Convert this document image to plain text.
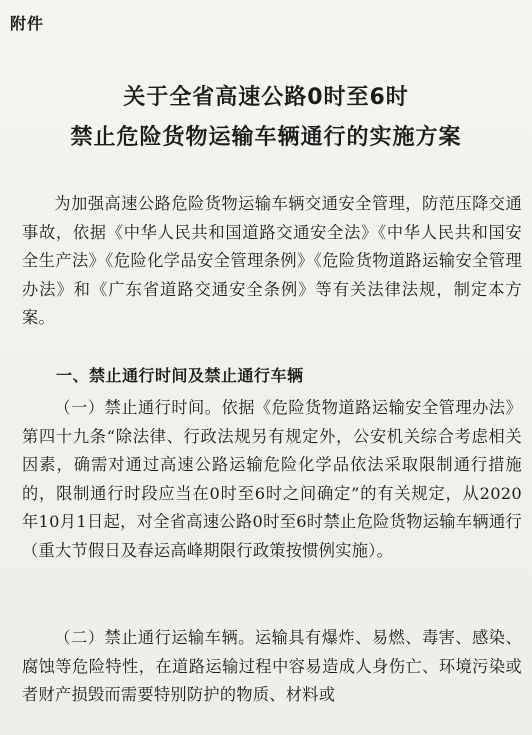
附件
关于全省高速公路0时至6时
禁止危险货物运输车辆通行的实施方案

为加强高速公路危险货物运输车辆交通安全管理，防范压降交通事故，依据《中华人民共和国道路交通安全法》《中华人民共和国安全生产法》《危险化学品安全管理条例》《危险货物道路运输安全管理办法》和《广东省道路交通安全条例》等有关法律法规，制定本方案。

一、禁止通行时间及禁止通行车辆

（一）禁止通行时间。依据《危险货物道路运输安全管理办法》第四十九条“除法律、行政法规另有规定外，公安机关综合考虑相关因素，确需对通过高速公路运输危险化学品依法采取限制通行措施的，限制通行时段应当在0时至6时之间确定”的有关规定，从2020年10月1日起，对全省高速公路0时至6时禁止危险货物运输车辆通行（重大节假日及春运高峰期限行政策按惯例实施）。

（二）禁止通行运输车辆。运输具有爆炸、易燃、毒害、感染、腐蚀等危险特性，在道路运输过程中容易造成人身伤亡、环境污染或者财产损毁而需要特别防护的物质、材料或
